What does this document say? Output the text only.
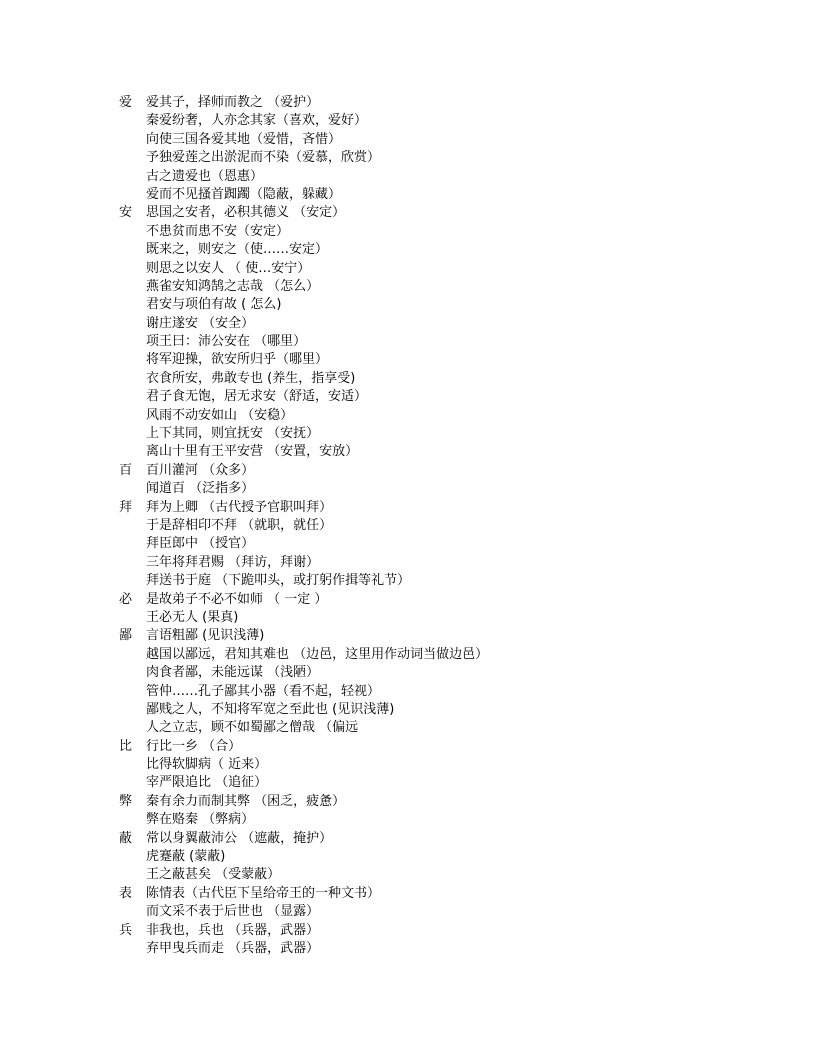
爱	爱其子，择师而教之 （爱护）
秦爱纷奢，人亦念其家（喜欢，爱好）
向使三国各爱其地（爱惜，吝惜）
予独爱莲之出淤泥而不染（爱慕，欣赏）
古之遗爱也（恩惠）
爱而不见搔首踟躅（隐蔽，躲藏）
安	思国之安者，必积其德义 （安定）
不患贫而患不安（安定）
既来之，则安之（使……安定）
则思之以安人 （ 使…安宁）
燕雀安知鸿鹄之志哉 （怎么）
君安与项伯有故 ( 怎么)
谢庄遂安 （安全）
项王曰：沛公安在 （哪里）
将军迎操，欲安所归乎（哪里）
衣食所安，弗敢专也 (养生，指享受)
君子食无饱，居无求安（舒适，安适）
风雨不动安如山 （安稳）
上下其同，则宜抚安 （安抚）
离山十里有王平安营 （安置，安放）
百	百川灌河 （众多）
闻道百 （泛指多）
拜	拜为上卿 （古代授予官职叫拜）
于是辞相印不拜 （就职，就任）
拜臣郎中 （授官）
三年将拜君赐 （拜访，拜谢）
拜送书于庭 （下跪叩头，或打躬作揖等礼节）
必	是故弟子不必不如师 （ 一定 ）
王必无人 (果真)
鄙	言语粗鄙 (见识浅薄)
越国以鄙远，君知其难也 （边邑，这里用作动词当做边邑）
肉食者鄙，未能远谋 （浅陋）
管仲……孔子鄙其小器（看不起，轻视）
鄙贱之人，不知将军宽之至此也 (见识浅薄)
人之立志，顾不如蜀鄙之僧哉 （偏远
比	行比一乡 （合）
比得软脚病（ 近来）
宰严限追比 （追征）
弊	秦有余力而制其弊 （困乏，疲惫）
弊在赂秦 （弊病）
蔽	常以身翼蔽沛公 （遮蔽，掩护）
虎蹇蔽 (蒙蔽)
王之蔽甚矣 （受蒙蔽）
表	陈情表（古代臣下呈给帝王的一种文书）
而文采不表于后世也 （显露）
兵	非我也，兵也 （兵器，武器）
弃甲曳兵而走 （兵器，武器）
